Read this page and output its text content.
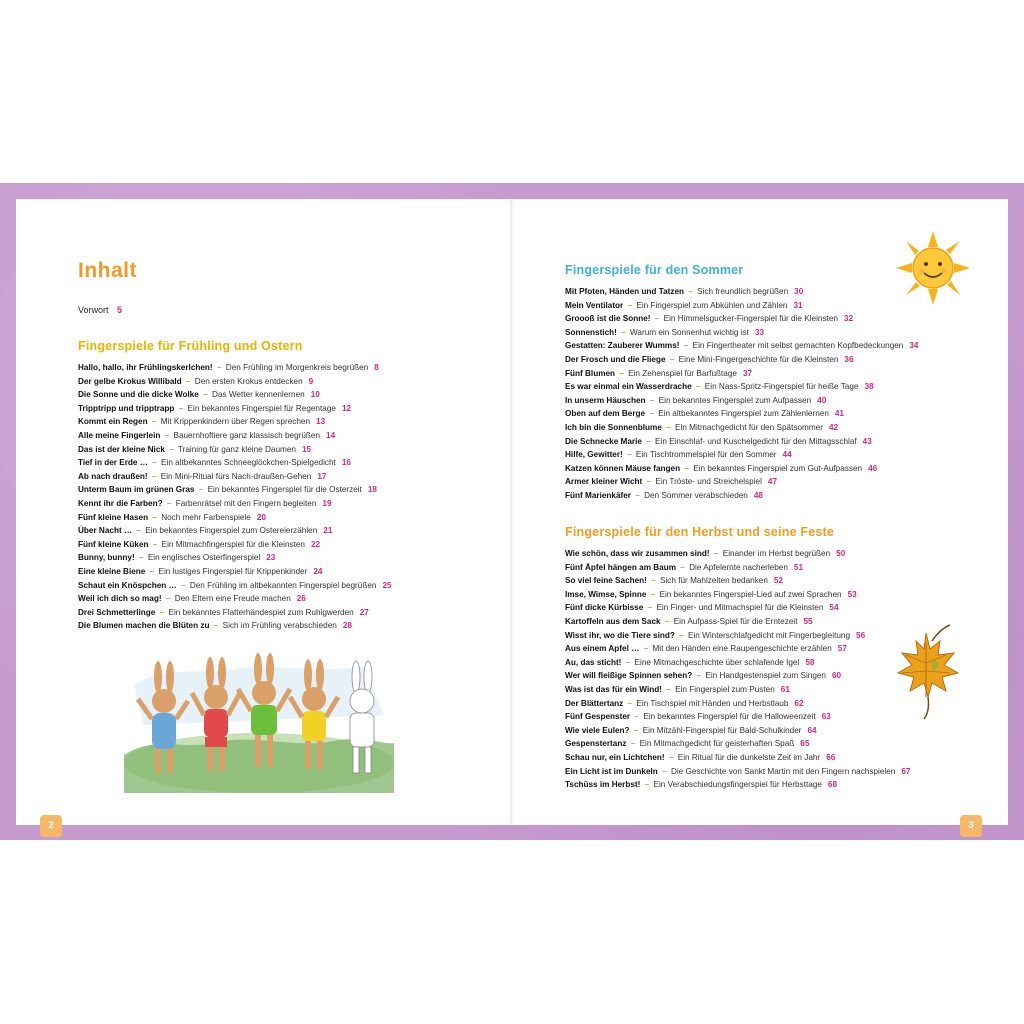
Inhalt
Vorwort 5
Fingerspiele für Frühling und Ostern
Hallo, hallo, ihr Frühlingskerlchen! – Den Frühling im Morgenkreis begrüßen 8
Der gelbe Krokus Willibald – Den ersten Krokus entdecken 9
Die Sonne und die dicke Wolke – Das Wetter kennenlernen 10
Tripptripp und tripptrapp – Ein bekanntes Fingerspiel für Regentage 12
Kommt ein Regen – Mit Krippenkindern über Regen sprechen 13
Alle meine Fingerlein – Bauernhoftiere ganz klassisch begrüßen 14
Das ist der kleine Nick – Training für ganz kleine Daumen 15
Tief in der Erde … – Ein altbekanntes Schneeglöckchen-Spielgedicht 16
Ab nach draußen! – Ein Mini-Ritual fürs Nach-draußen-Gehen 17
Unterm Baum im grünen Gras – Ein bekanntes Fingerspiel für die Osterzeit 18
Kennt ihr die Farben? – Farbenrätsel mit den Fingern begleiten 19
Fünf kleine Hasen – Noch mehr Farbenspiele 20
Über Nacht … – Ein bekanntes Fingerspiel zum Ostereierzählen 21
Fünf kleine Küken – Ein Mitmachfingerspiel für die Kleinsten 22
Bunny, bunny! – Ein englisches Osterfingerspiel 23
Eine kleine Biene – Ein lustiges Fingerspiel für Krippenkinder 24
Schaut ein Knöspchen … – Den Frühling im altbekannten Fingerspiel begrüßen 25
Weil ich dich so mag! – Den Eltern eine Freude machen 26
Drei Schmetterlinge – Ein bekanntes Flatterhändespiel zum Ruhigwerden 27
Die Blumen machen die Blüten zu – Sich im Frühling verabschieden 28
2
Fingerspiele für den Sommer
Mit Pfoten, Händen und Tatzen – Sich freundlich begrüßen 30
Mein Ventilator – Ein Fingerspiel zum Abkühlen und Zählen 31
Groooß ist die Sonne! – Ein Himmelsgucker-Fingerspiel für die Kleinsten 32
Sonnenstich! – Warum ein Sonnenhut wichtig ist 33
Gestatten: Zauberer Wumms! – Ein Fingertheater mit selbst gemachten Kopfbedeckungen 34
Der Frosch und die Fliege – Eine Mini-Fingergeschichte für die Kleinsten 36
Fünf Blumen – Ein Zehenspiel für Barfußtage 37
Es war einmal ein Wasserdrache – Ein Nass-Spritz-Fingerspiel für heiße Tage 38
In unserm Häuschen – Ein bekanntes Fingerspiel zum Aufpassen 40
Oben auf dem Berge – Ein altbekanntes Fingerspiel zum Zählenlernen 41
Ich bin die Sonnenblume – Ein Mitmachgedicht für den Spätsommer 42
Die Schnecke Marie – Ein Einschlaf- und Kuschelgedicht für den Mittagsschlaf 43
Hilfe, Gewitter! – Ein Tischtrommelspiel für den Sommer 44
Katzen können Mäuse fangen – Ein bekanntes Fingerspiel zum Gut-Aufpassen 46
Armer kleiner Wicht – Ein Tröste- und Streichelspiel 47
Fünf Marienkäfer – Den Sommer verabschieden 48
Fingerspiele für den Herbst und seine Feste
Wie schön, dass wir zusammen sind! – Einander im Herbst begrüßen 50
Fünf Äpfel hängen am Baum – Die Apfelernte nacherleben 51
So viel feine Sachen! – Sich für Mahlzeiten bedanken 52
Imse, Wimse, Spinne – Ein bekanntes Fingerspiel-Lied auf zwei Sprachen 53
Fünf dicke Kürbisse – Ein Finger- und Mitmachspiel für die Kleinsten 54
Kartoffeln aus dem Sack – Ein Aufpass-Spiel für die Erntezeit 55
Wisst ihr, wo die Tiere sind? – Ein Winterschlafgedicht mit Fingerbegleitung 56
Aus einem Apfel … – Mit den Händen eine Raupengeschichte erzählen 57
Au, das sticht! – Eine Mitmachgeschichte über schlafende Igel 58
Wer will fleißige Spinnen sehen? – Ein Handgestenspiel zum Singen 60
Was ist das für ein Wind! – Ein Fingerspiel zum Pusten 61
Der Blättertanz – Ein Tischspiel mit Händen und Herbstlaub 62
Fünf Gespenster – Ein bekanntes Fingerspiel für die Halloweenzeit 63
Wie viele Eulen? – Ein Mitzähl-Fingerspiel für Bald-Schulkinder 64
Gespenstertanz – Ein Mitmachgedicht für geisterhaften Spaß 65
Schau nur, ein Lichtchen! – Ein Ritual für die dunkelste Zeit im Jahr 66
Ein Licht ist im Dunkeln – Die Geschichte von Sankt Martin mit den Fingern nachspielen 67
Tschüss im Herbst! – Ein Verabschiedungsfingerspiel für Herbsttage 68
3
